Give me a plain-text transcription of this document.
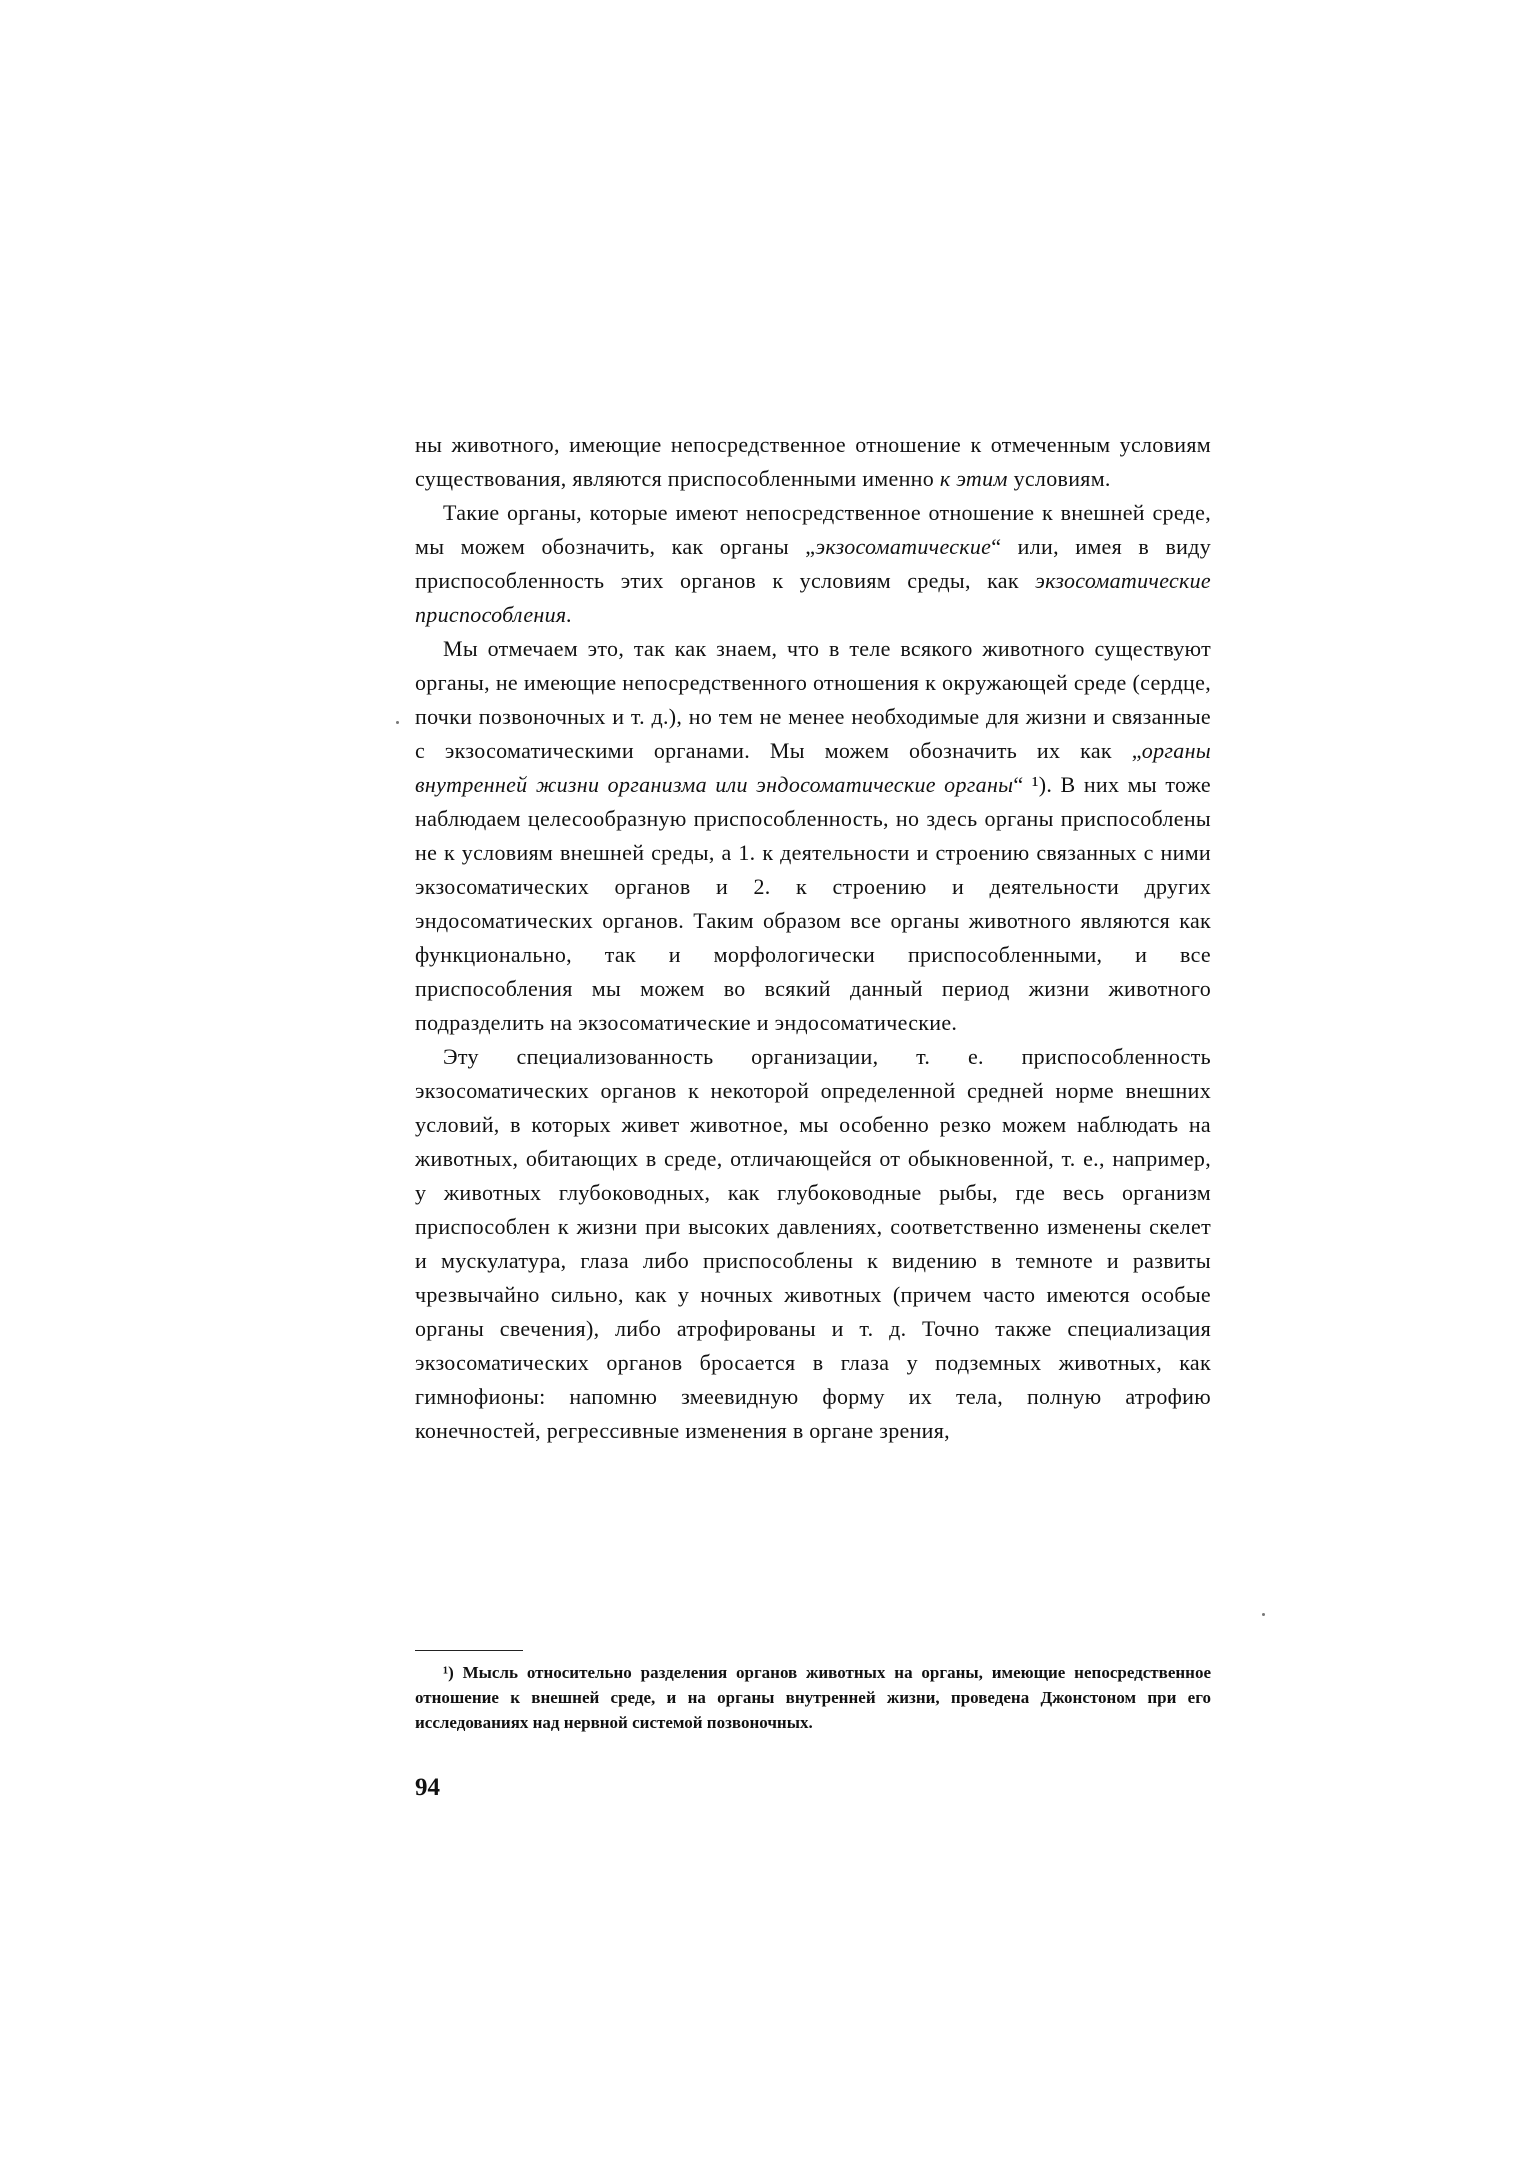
ны животного, имеющие непосредственное отношение к отмеченным условиям существования, являются приспособленными именно к этим условиям.

Такие органы, которые имеют непосредственное отношение к внешней среде, мы можем обозначить, как органы „экзосоматические“ или, имея в виду приспособленность этих органов к условиям среды, как экзосоматические приспособления.

Мы отмечаем это, так как знаем, что в теле всякого животного существуют органы, не имеющие непосредственного отношения к окружающей среде (сердце, почки позвоночных и т. д.), но тем не менее необходимые для жизни и связанные с экзосоматическими органами. Мы можем обозначить их как „органы внутренней жизни организма или эндосоматические органы“ ¹). В них мы тоже наблюдаем целесообразную приспособленность, но здесь органы приспособлены не к условиям внешней среды, а 1. к деятельности и строению связанных с ними экзосоматических органов и 2. к строению и деятельности других эндосоматических органов. Таким образом все органы животного являются как функционально, так и морфологически приспособленными, и все приспособления мы можем во всякий данный период жизни животного подразделить на экзосоматические и эндосоматические.

Эту специализованность организации, т. е. приспособленность экзосоматических органов к некоторой определенной средней норме внешних условий, в которых живет животное, мы особенно резко можем наблюдать на животных, обитающих в среде, отличающейся от обыкновенной, т. е., например, у животных глубоководных, как глубоководные рыбы, где весь организм приспособлен к жизни при высоких давлениях, соответственно изменены скелет и мускулатура, глаза либо приспособлены к видению в темноте и развиты чрезвычайно сильно, как у ночных животных (причем часто имеются особые органы свечения), либо атрофированы и т. д. Точно также специализация экзосоматических органов бросается в глаза у подземных животных, как гимнофионы: напомню змеевидную форму их тела, полную атрофию конечностей, регрессивные изменения в органе зрения,

¹) Мысль относительно разделения органов животных на органы, имеющие непосредственное отношение к внешней среде, и на органы внутренней жизни, проведена Джонстоном при его исследованиях над нервной системой позвоночных.
94
